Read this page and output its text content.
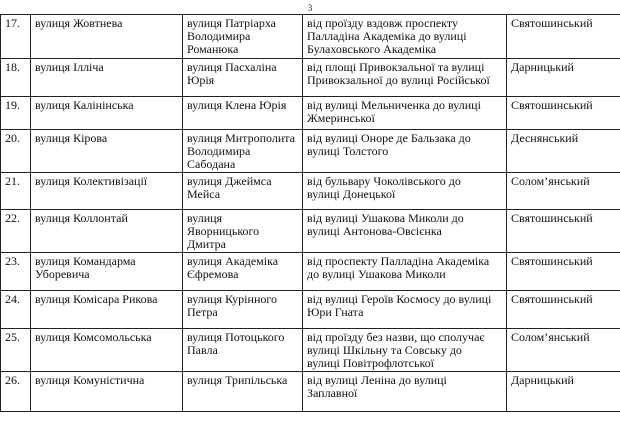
3
17.	вулиця Жовтнева	вулиця Патріарха
Володимира
Романюка	від проїзду вздовж проспекту
Палладіна Академіка до вулиці
Булаховського Академіка	Святошинський
18.	вулиця Ілліча	вулиця Пасхаліна
Юрія	від площі Привокзальної та вулиці
Привокзальної до вулиці Російської	Дарницький
19.	вулиця Калінінська	вулиця Клена Юрія	від вулиці Мельниченка до вулиці
Жмеринської	Святошинський
20.	вулиця Кірова	вулиця Митрополита
Володимира
Сабодана	від вулиці Оноре де Бальзака до
вулиці Толстого	Деснянський
21.	вулиця Колективізації	вулиця Джеймса
Мейса	від бульвару Чоколівського до
вулиці Донецької	Солом’янський
22.	вулиця Коллонтай	вулиця
Яворницького
Дмитра	від вулиці Ушакова Миколи до
вулиці Антонова-Овсієнка	Святошинський
23.	вулиця Командарма
Уборевича	вулиця Академіка
Єфремова	від проспекту Палладіна Академіка
до вулиці Ушакова Миколи	Святошинський
24.	вулиця Комісара Рикова	вулиця Курінного
Петра	від вулиці Героїв Космосу до вулиці
Юри Гната	Святошинський
25.	вулиця Комсомольська	вулиця Потоцького
Павла	від проїзду без назви, що сполучає
вулиці Шкільну та Совську до
вулиці Повітрофлотської	Солом’янський
26.	вулиця Комуністична	вулиця Трипільська	від вулиці Леніна до вулиці
Заплавної	Дарницький
